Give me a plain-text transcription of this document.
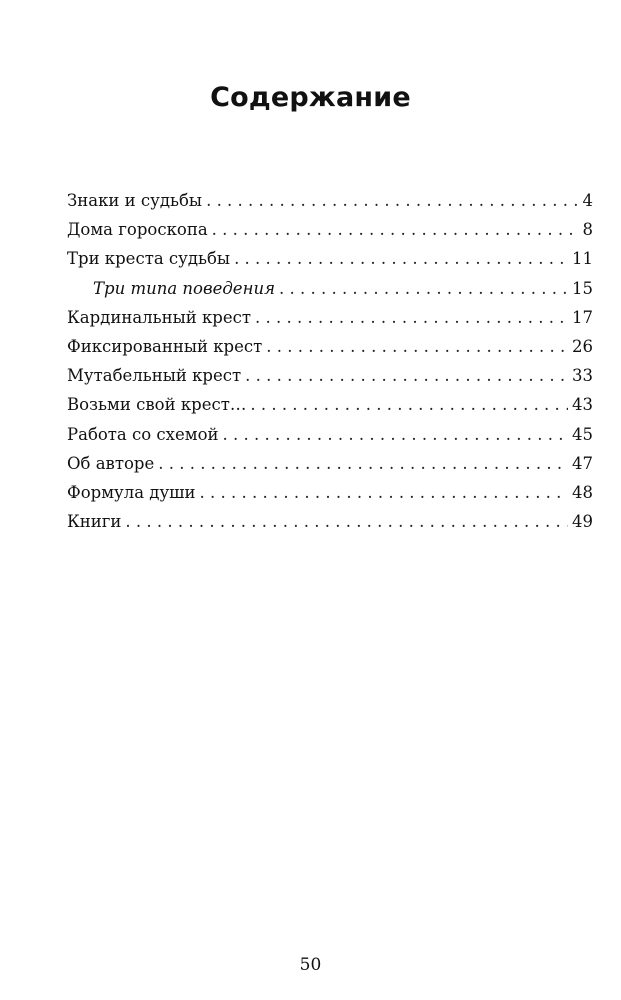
Содержание
Знаки и судьбы . . .	4
Дома гороскопа . . .	8
Три креста судьбы . . .	11
Три типа поведения . . .	15
Кардинальный крест . . .	17
Фиксированный крест . . .	26
Мутабельный крест . . .	33
Возьми свой крест… . . .	43
Работа со схемой . . .	45
Об авторе . . .	47
Формула души . . .	48
Книги . . .	49
50
